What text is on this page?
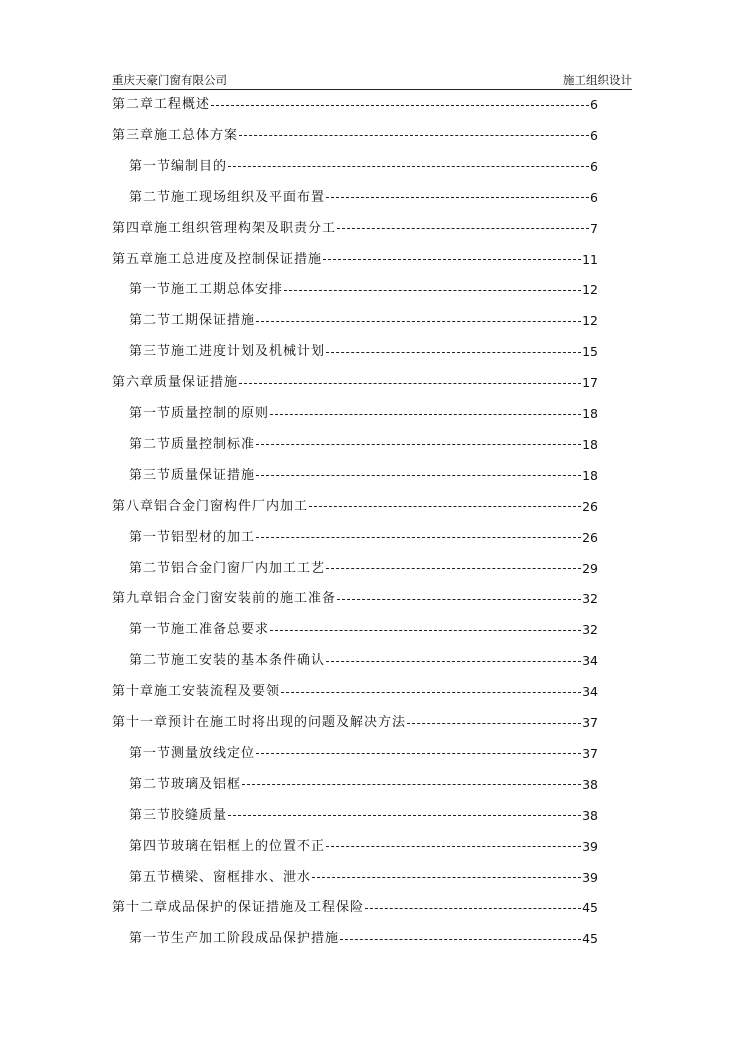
重庆天豪门窗有限公司	施工组织设计
第二章工程概述	6
第三章施工总体方案	6
第一节编制目的	6
第二节施工现场组织及平面布置	6
第四章施工组织管理构架及职责分工	7
第五章施工总进度及控制保证措施	11
第一节施工工期总体安排	12
第二节工期保证措施	12
第三节施工进度计划及机械计划	15
第六章质量保证措施	17
第一节质量控制的原则	18
第二节质量控制标准	18
第三节质量保证措施	18
第八章铝合金门窗构件厂内加工	26
第一节铝型材的加工	26
第二节铝合金门窗厂内加工工艺	29
第九章铝合金门窗安装前的施工准备	32
第一节施工准备总要求	32
第二节施工安装的基本条件确认	34
第十章施工安装流程及要领	34
第十一章预计在施工时将出现的问题及解决方法	37
第一节测量放线定位	37
第二节玻璃及铝框	38
第三节胶缝质量	38
第四节玻璃在铝框上的位置不正	39
第五节横梁、窗框排水、泄水	39
第十二章成品保护的保证措施及工程保险	45
第一节生产加工阶段成品保护措施	45
